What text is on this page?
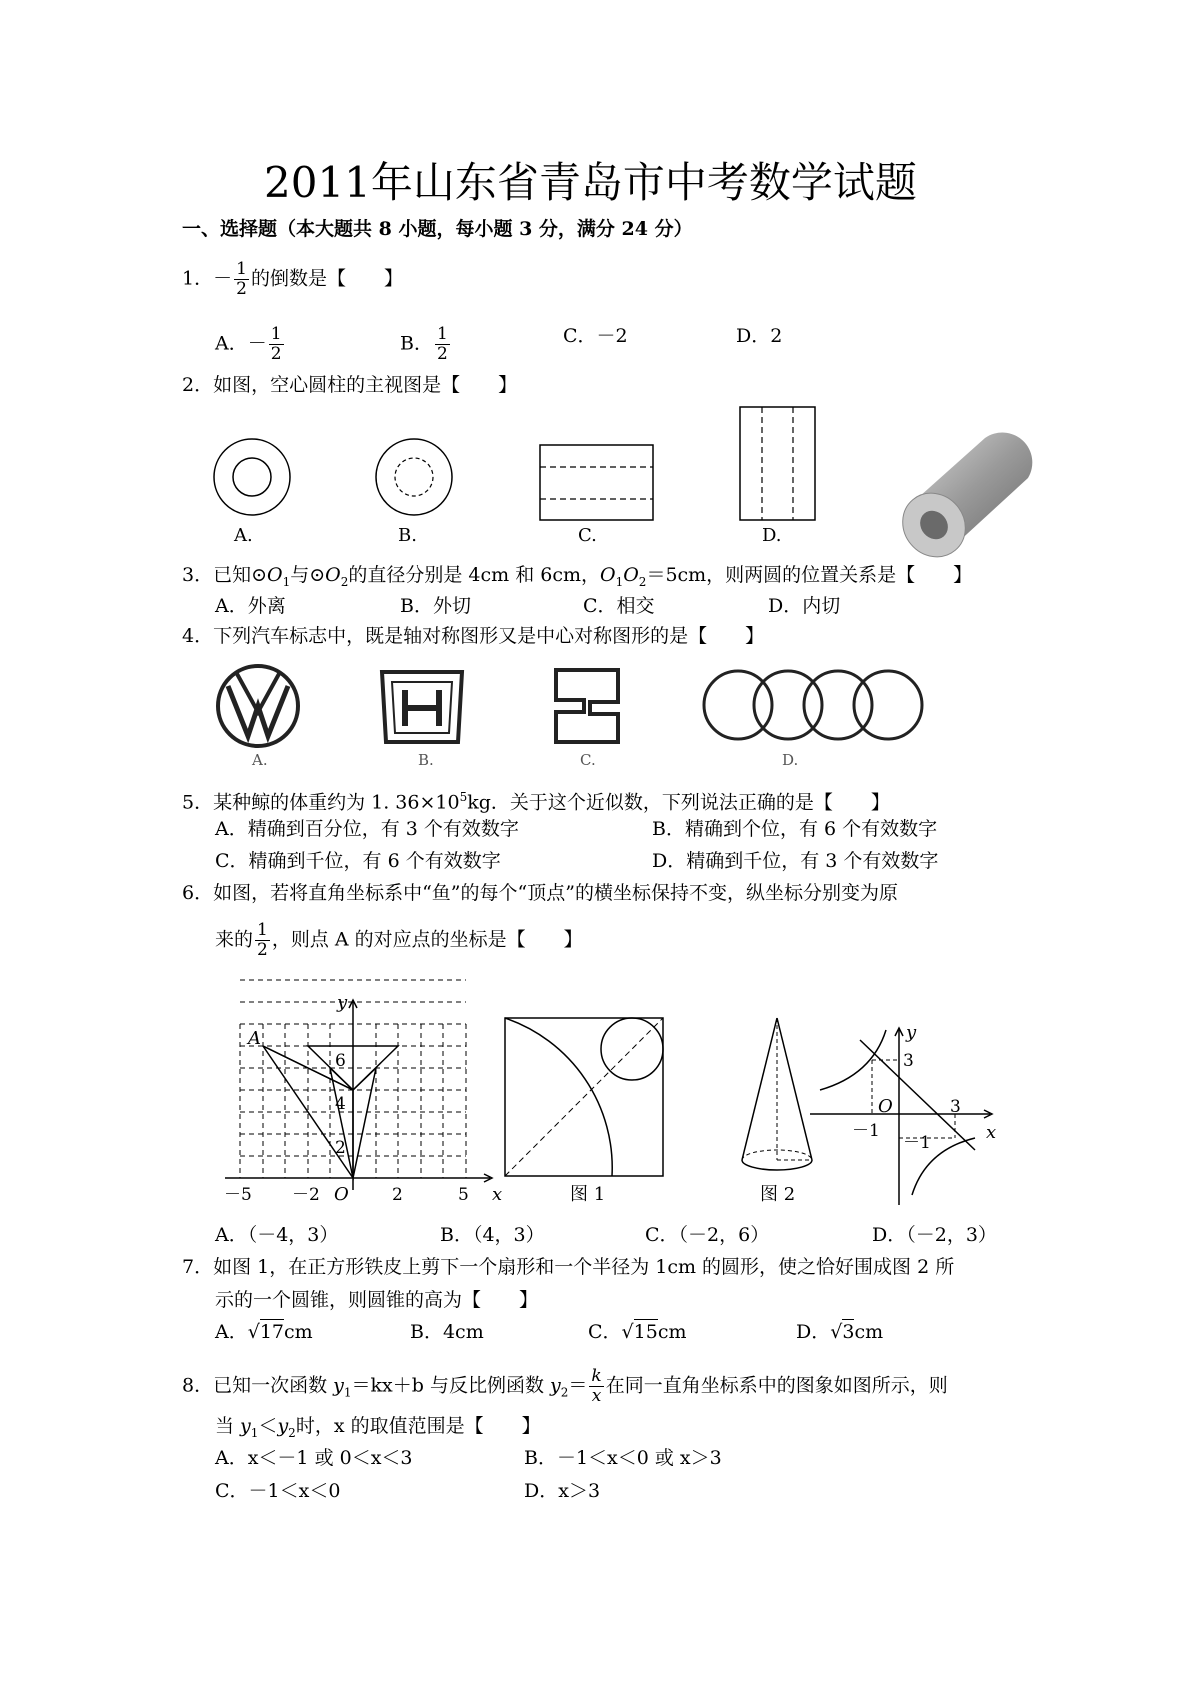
2011年山东省青岛市中考数学试题
一、选择题（本大题共 8 小题，每小题 3 分，满分 24 分）
1．－ $\frac{1}{2}$ 的倒数是【　　】
A．－ $\frac{1}{2}$	B． $\frac{1}{2}$	C．－2	D．2
2．如图，空心圆柱的主视图是【　　】
A.	B.	C.	D.
3．已知$⊙O_1$与$⊙O_2$的直径分别是 4cm 和 6cm，$O_1O_2=5cm$，则两圆的位置关系是【　　】
A．外离	B．外切	C．相交	D．内切
4．下列汽车标志中，既是轴对称图形又是中心对称图形的是【　　】
A.	B.	C.	D.
5．某种鲸的体重约为 1. $36\times 10^5kg$．关于这个近似数，下列说法正确的是【　　】
A．精确到百分位，有 3 个有效数字	B．精确到个位，有 6 个有效数字
C．精确到千位，有 6 个有效数字	D．精确到千位，有 3 个有效数字
6．如图，若将直角坐标系中“鱼”的每个“顶点”的横坐标保持不变，纵坐标分别变为原
来的 $\frac{1}{2}$ ，则点 A 的对应点的坐标是【　　】
A
y
x
O
6
4
2
－5 －2	2	5	图 1	图 2
y
x
3
O	3
－1
－1
A．（－4，3）	B．（4，3）	C．（－2，6）	D．（－2，3）
7．如图 1，在正方形铁皮上剪下一个扇形和一个半径为 1cm 的圆形，使之恰好围成图 2 所
示的一个圆锥，则圆锥的高为【　　】
A．√17cm	B．4cm	C．√15cm	D．√3cm
8．已知一次函数 $y_1=kx+b$ 与反比例函数 $y_2= \frac{k}{x}$ 在同一直角坐标系中的图象如图所示，则
当 $y_1<y_2$时，x 的取值范围是【　　】
A．x＜－1 或 0＜x＜3	B．－1＜x＜0 或 x＞3
C．－1＜x＜0	D．x＞3
